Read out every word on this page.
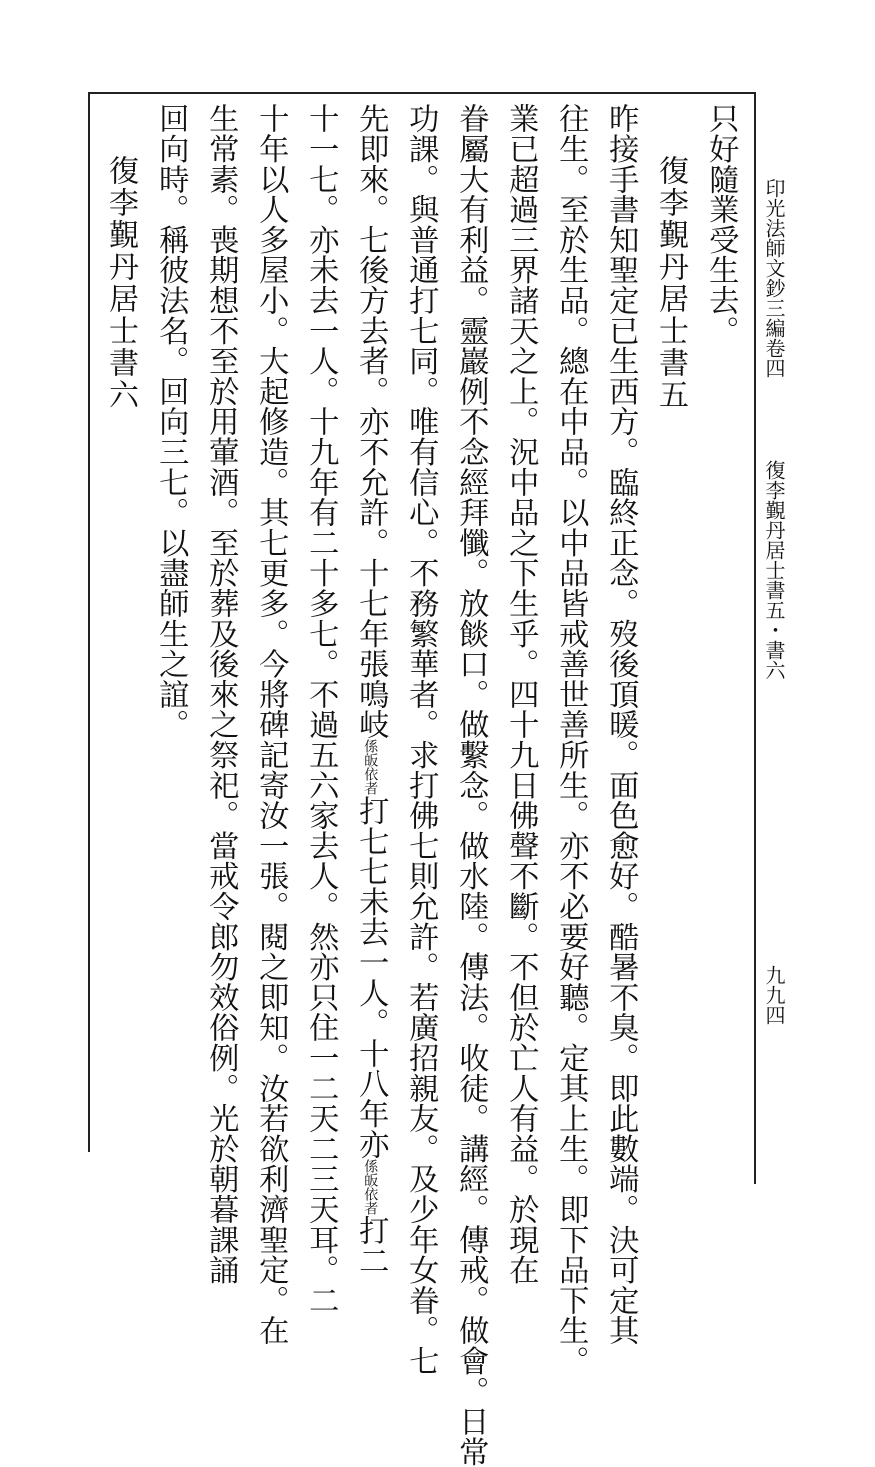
印光法師文鈔三編卷四
復李覲丹居士書五・書六
九九四
只好隨業受生去。
復李覲丹居士書五
昨接手書知聖定已生西方。臨終正念。歿後頂暖。面色愈好。酷暑不臭。即此數端。決可定其
往生。至於生品。總在中品。以中品皆戒善世善所生。亦不必要好聽。定其上生。即下品下生。
業已超過三界諸天之上。況中品之下生乎。四十九日佛聲不斷。不但於亡人有益。於現在
眷屬大有利益。靈巖例不念經拜懺。放餤口。做繫念。做水陸。傳法。收徒。講經。傳戒。做會。日常
功課。與普通打七同。唯有信心。不務繁華者。求打佛七則允許。若廣招親友。及少年女眷。七
先即來。七後方去者。亦不允許。十七年張鳴岐係皈依者打七七未去一人。十八年亦係皈依者打二
十一七。亦未去一人。十九年有二十多七。不過五六家去人。然亦只住一二天二三天耳。二
十年以人多屋小。大起修造。其七更多。今將碑記寄汝一張。閱之即知。汝若欲利濟聖定。在
生常素。喪期想不至於用葷酒。至於葬及後來之祭祀。當戒令郎勿效俗例。光於朝暮課誦
回向時。稱彼法名。回向三七。以盡師生之誼。
復李覲丹居士書六
